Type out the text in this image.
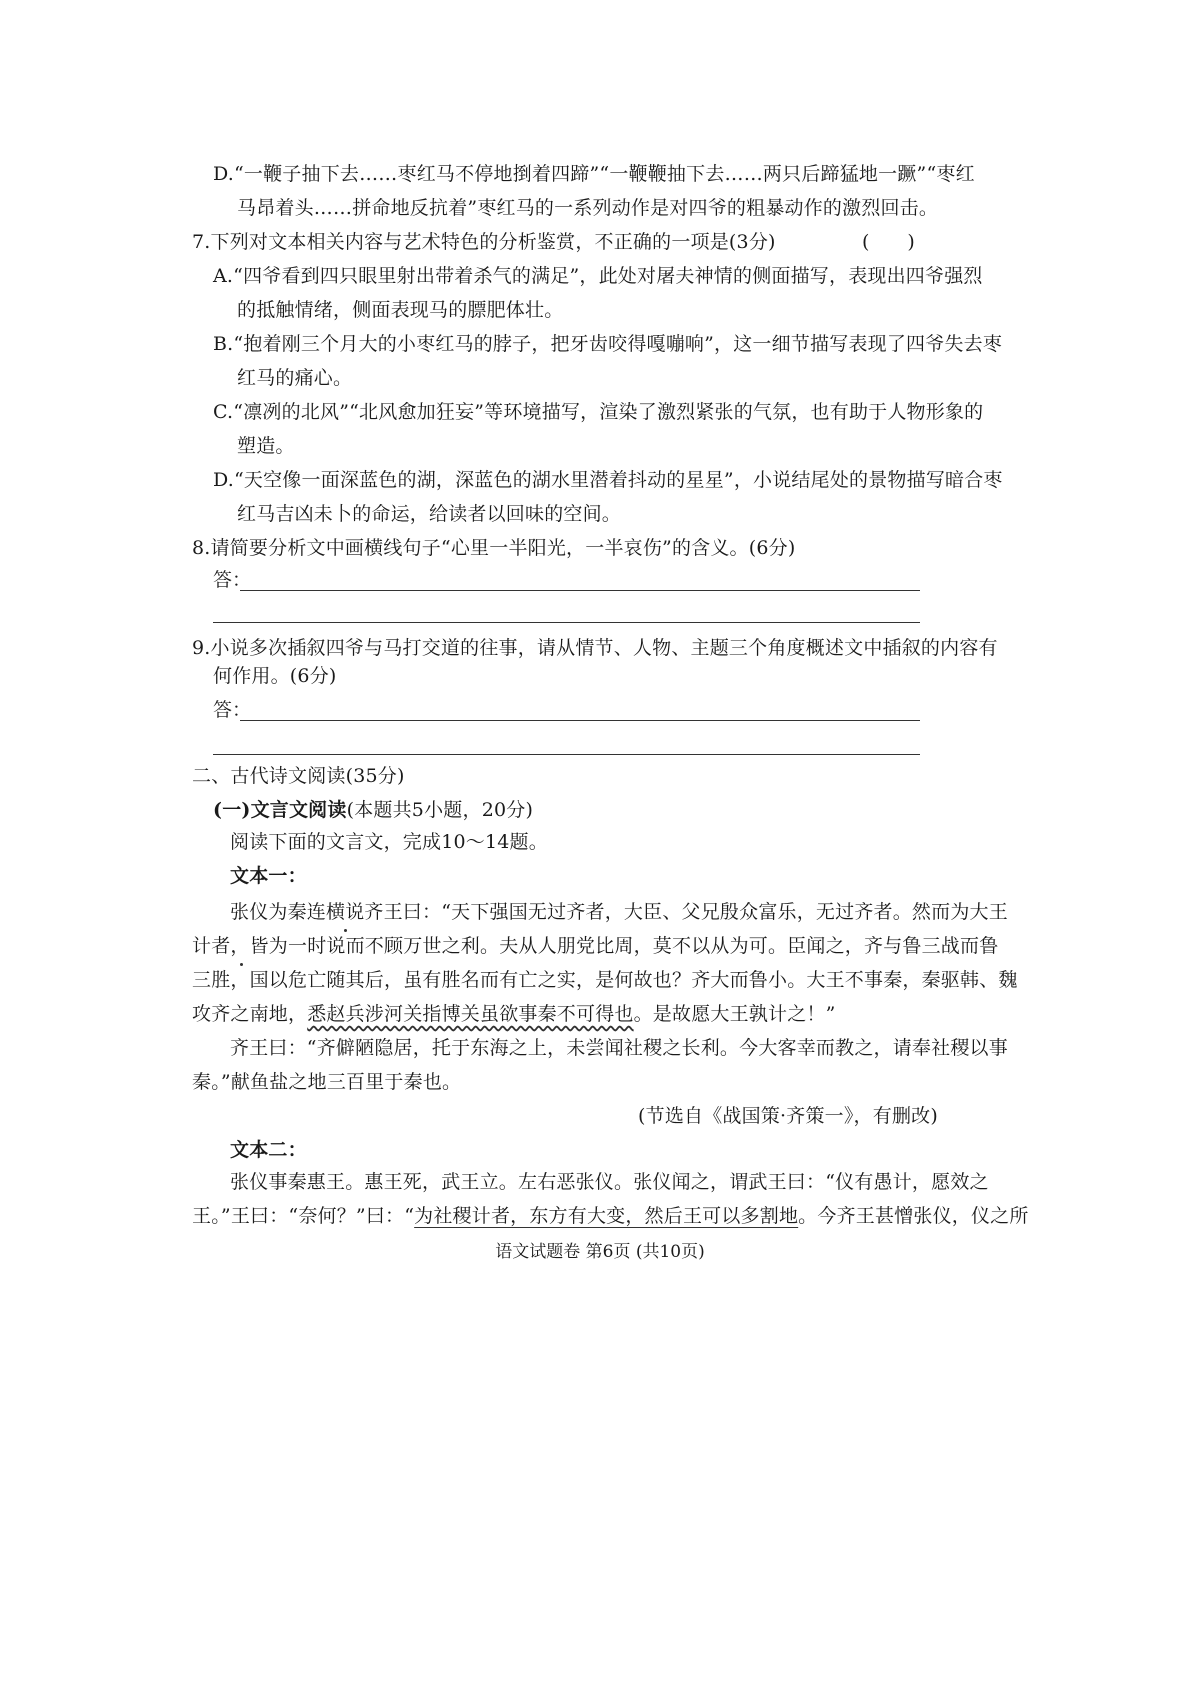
D.“一鞭子抽下去……枣红马不停地捯着四蹄”“一鞭鞭抽下去……两只后蹄猛地一蹶”“枣红
马昂着头……拼命地反抗着”枣红马的一系列动作是对四爷的粗暴动作的激烈回击。
7.下列对文本相关内容与艺术特色的分析鉴赏，不正确的一项是(3分)	(　　)
A.“四爷看到四只眼里射出带着杀气的满足”，此处对屠夫神情的侧面描写，表现出四爷强烈
的抵触情绪，侧面表现马的膘肥体壮。
B.“抱着刚三个月大的小枣红马的脖子，把牙齿咬得嘎嘣响”，这一细节描写表现了四爷失去枣
红马的痛心。
C.“凛冽的北风”“北风愈加狂妄”等环境描写，渲染了激烈紧张的气氛，也有助于人物形象的
塑造。
D.“天空像一面深蓝色的湖，深蓝色的湖水里潜着抖动的星星”，小说结尾处的景物描写暗合枣
红马吉凶未卜的命运，给读者以回味的空间。
8.请简要分析文中画横线句子“心里一半阳光，一半哀伤”的含义。(6分)
答：
9.小说多次插叙四爷与马打交道的往事，请从情节、人物、主题三个角度概述文中插叙的内容有
何作用。(6分)
答：
二、古代诗文阅读(35分)
(一)文言文阅读(本题共5小题，20分)
阅读下面的文言文，完成10～14题。
文本一：
张仪为秦连横说齐王曰：“天下强国无过齐者，大臣、父兄殷众富乐，无过齐者。然而为大王
计者，皆为一时说而不顾万世之利。夫从人朋党比周，莫不以从为可。臣闻之，齐与鲁三战而鲁
三胜，国以危亡随其后，虽有胜名而有亡之实，是何故也？齐大而鲁小。大王不事秦，秦驱韩、魏
攻齐之南地，悉赵兵涉河关指博关虽欲事秦不可得也。是故愿大王孰计之！”
齐王曰：“齐僻陋隐居，托于东海之上，未尝闻社稷之长利。今大客幸而教之，请奉社稷以事
秦。”献鱼盐之地三百里于秦也。
(节选自《战国策·齐策一》，有删改)
文本二：
张仪事秦惠王。惠王死，武王立。左右恶张仪。张仪闻之，谓武王曰：“仪有愚计，愿效之
王。”王曰：“奈何？”曰：“为社稷计者，东方有大变，然后王可以多割地。今齐王甚憎张仪，仪之所
语文试题卷 第6页 (共10页)
